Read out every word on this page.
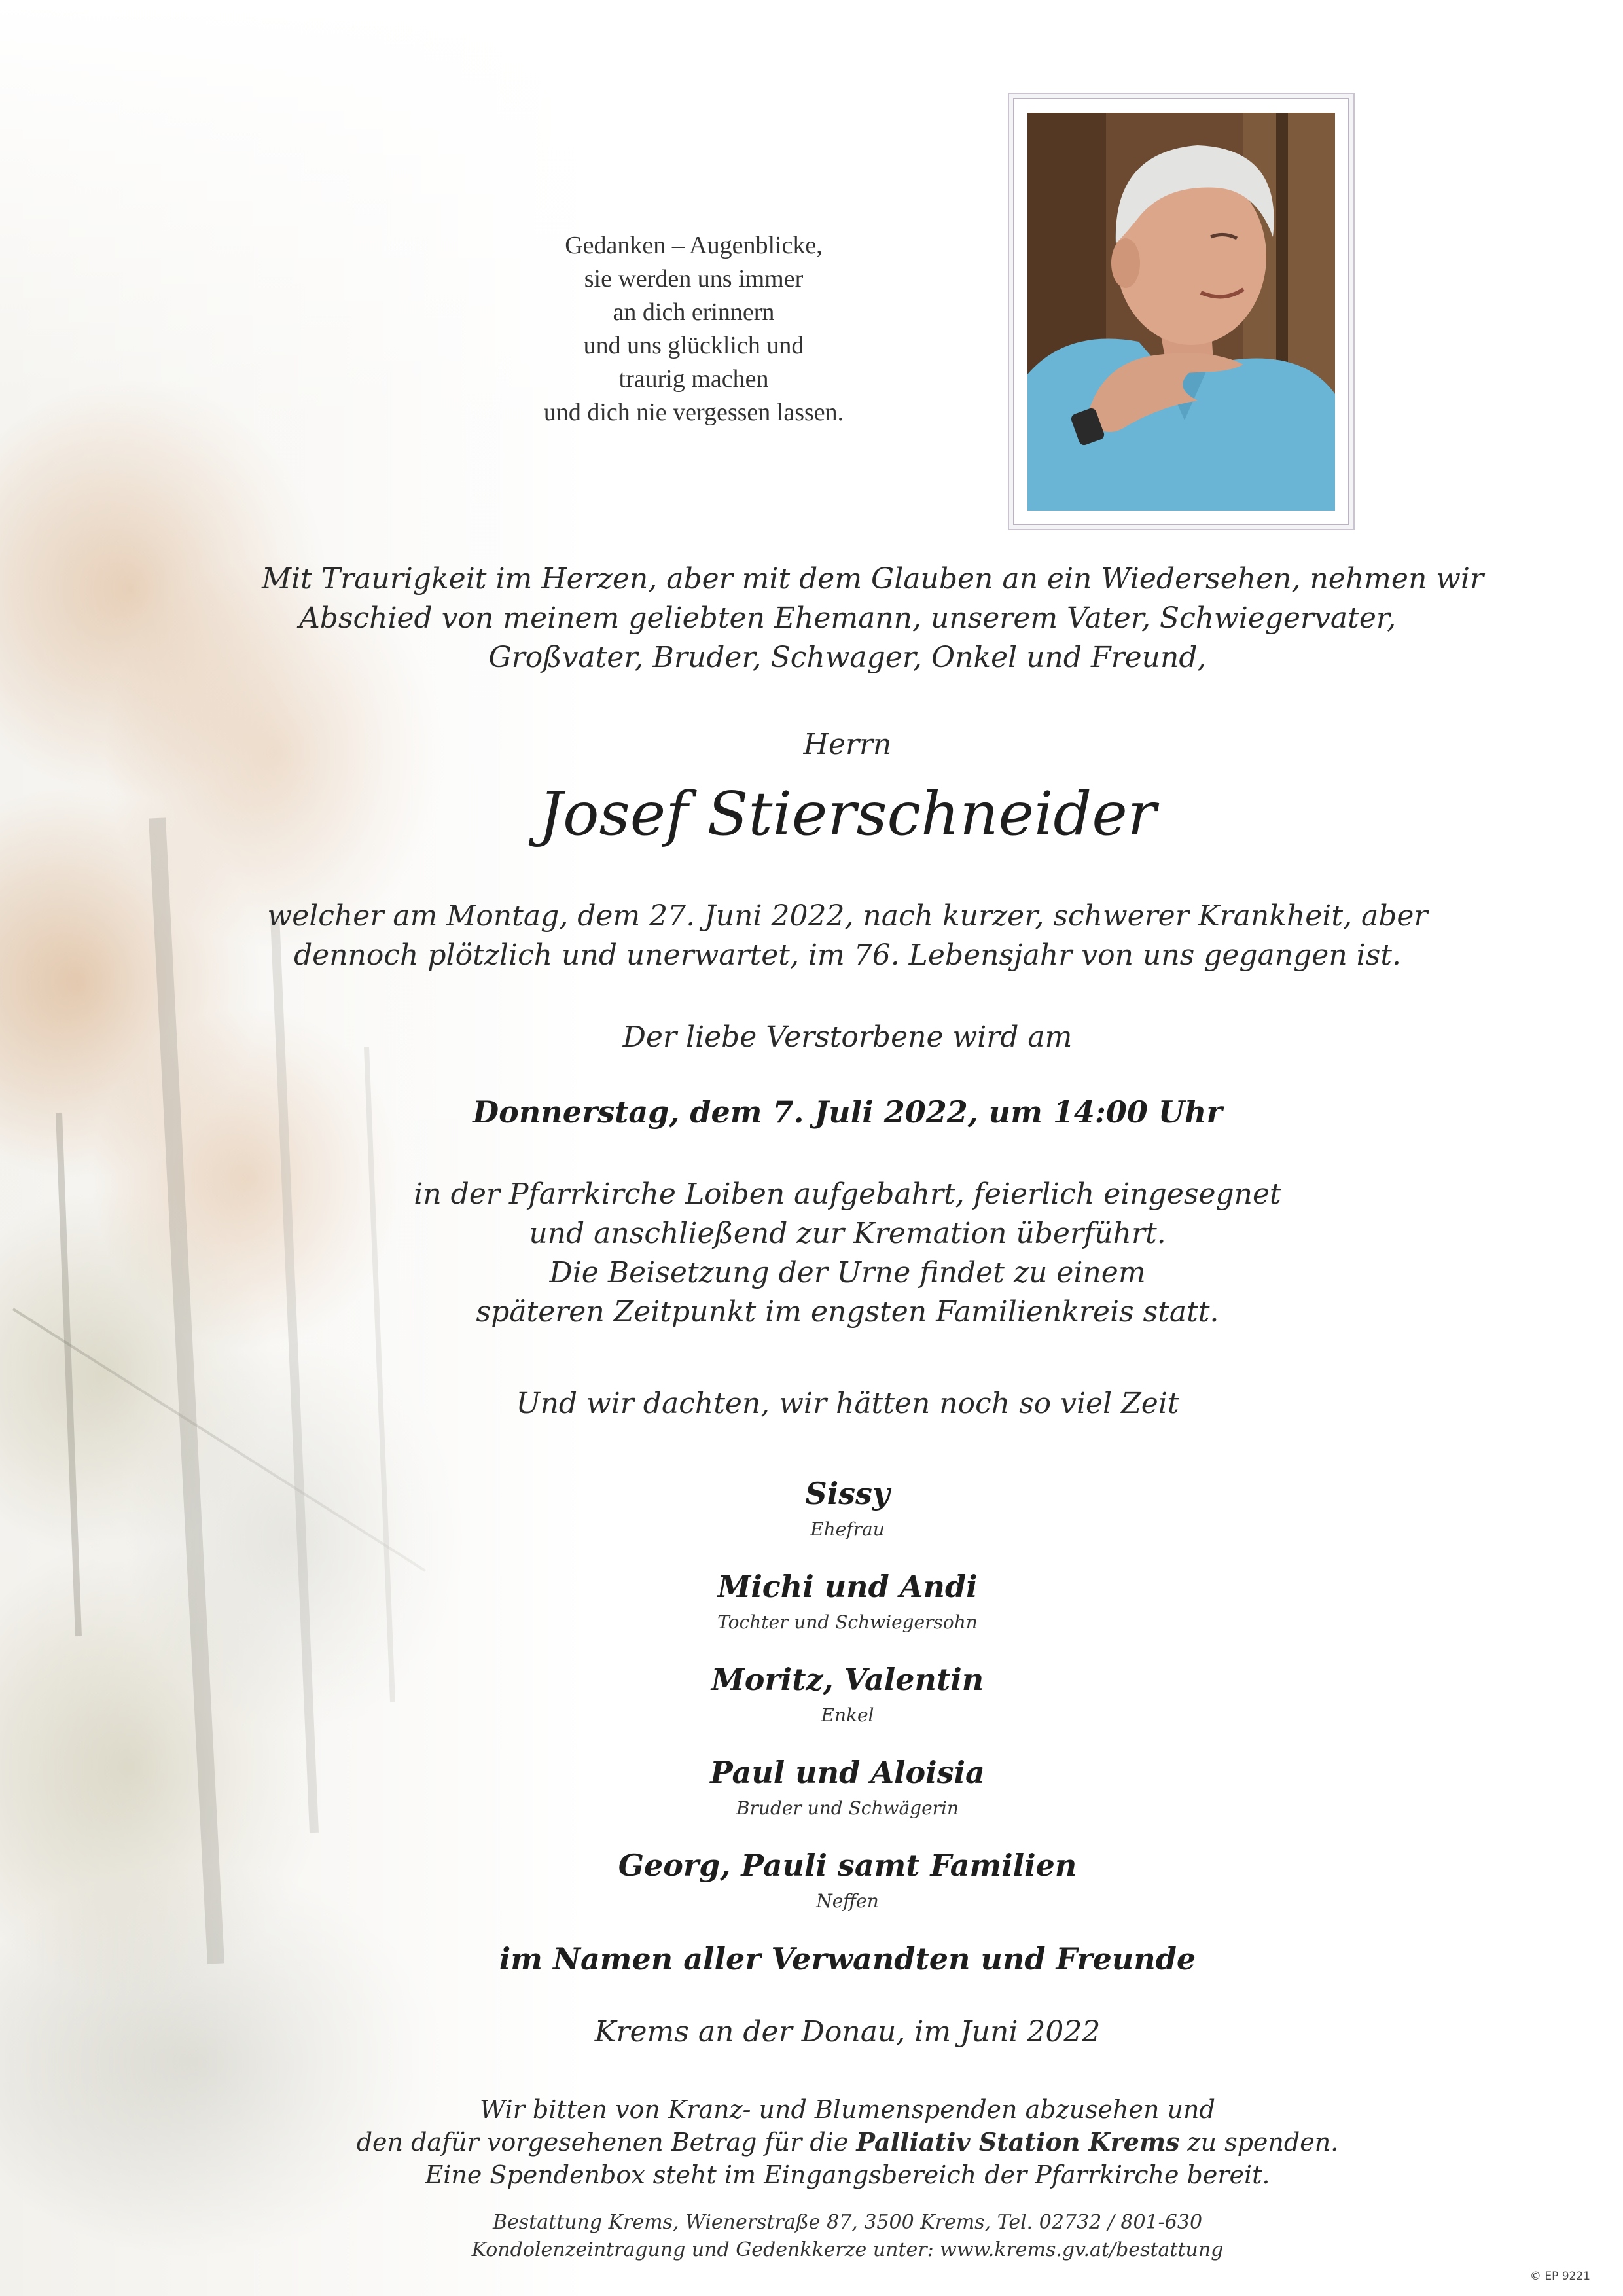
Gedanken – Augenblicke,
sie werden uns immer
an dich erinnern
und uns glücklich und
traurig machen
und dich nie vergessen lassen.
Mit Traurigkeit im Herzen, aber mit dem Glauben an ein Wiedersehen, nehmen wir
Abschied von meinem geliebten Ehemann, unserem Vater, Schwiegervater,
Großvater, Bruder, Schwager, Onkel und Freund,
Herrn
Josef Stierschneider
welcher am Montag, dem 27. Juni 2022, nach kurzer, schwerer Krankheit, aber
dennoch plötzlich und unerwartet, im 76. Lebensjahr von uns gegangen ist.
Der liebe Verstorbene wird am
Donnerstag, dem 7. Juli 2022, um 14:00 Uhr
in der Pfarrkirche Loiben aufgebahrt, feierlich eingesegnet
und anschließend zur Kremation überführt.
Die Beisetzung der Urne findet zu einem
späteren Zeitpunkt im engsten Familienkreis statt.
Und wir dachten, wir hätten noch so viel Zeit
Sissy
Ehefrau
Michi und Andi
Tochter und Schwiegersohn
Moritz, Valentin
Enkel
Paul und Aloisia
Bruder und Schwägerin
Georg, Pauli samt Familien
Neffen
im Namen aller Verwandten und Freunde
Krems an der Donau, im Juni 2022
Wir bitten von Kranz- und Blumenspenden abzusehen und
den dafür vorgesehenen Betrag für die Palliativ Station Krems zu spenden.
Eine Spendenbox steht im Eingangsbereich der Pfarrkirche bereit.
Bestattung Krems, Wienerstraße 87, 3500 Krems, Tel. 02732 / 801-630
Kondolenzeintragung und Gedenkkerze unter: www.krems.gv.at/bestattung
© EP 9221
